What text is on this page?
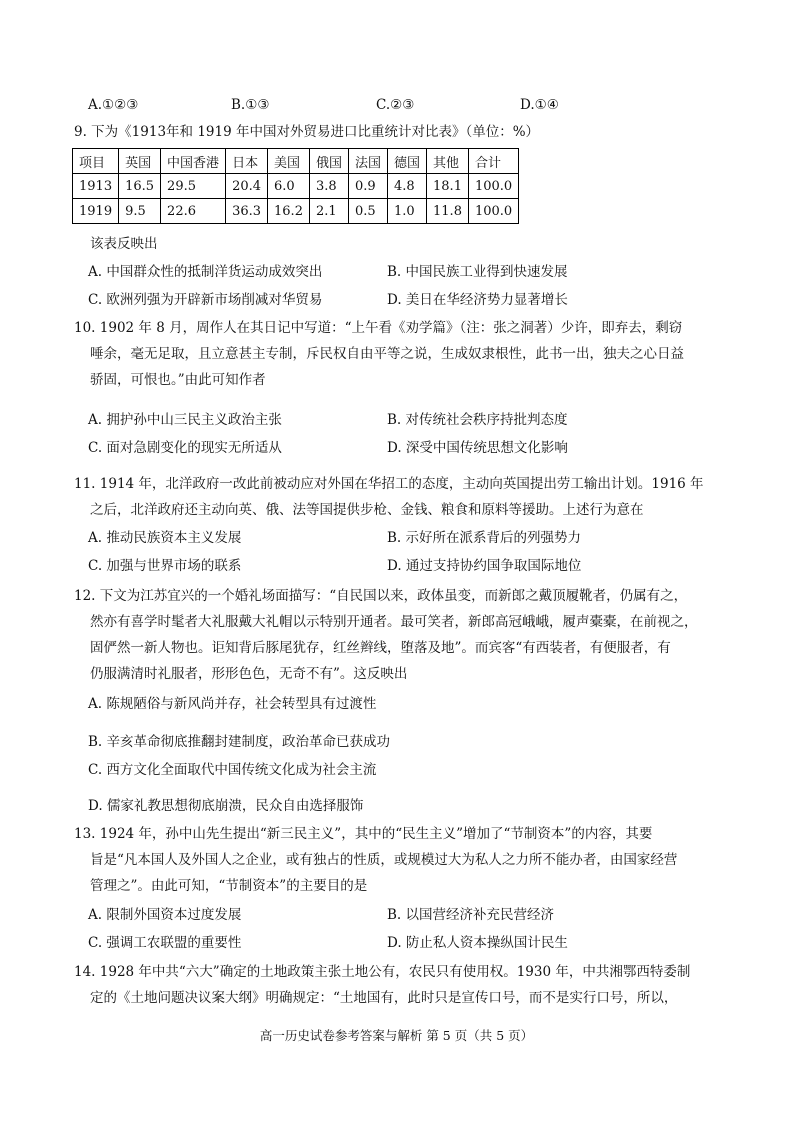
A.①②③	B.①③	C.②③	D.①④
9. 下为《1913年和 1919 年中国对外贸易进口比重统计对比表》（单位：%）
项目	英国	中国香港	日本	美国	俄国	法国	德国	其他	合计
1913	16.5	29.5	20.4	6.0	3.8	0.9	4.8	18.1	100.0
1919	9.5	22.6	36.3	16.2	2.1	0.5	1.0	11.8	100.0
该表反映出
A. 中国群众性的抵制洋货运动成效突出	B. 中国民族工业得到快速发展
C. 欧洲列强为开辟新市场削减对华贸易	D. 美日在华经济势力显著增长
10. 1902 年 8 月，周作人在其日记中写道：“上午看《劝学篇》（注：张之洞著）少许，即弃去，剩窃
唾余，毫无足取，且立意甚主专制，斥民权自由平等之说，生成奴隶根性，此书一出，独夫之心日益
骄固，可恨也。”由此可知作者
A. 拥护孙中山三民主义政治主张	B. 对传统社会秩序持批判态度
C. 面对急剧变化的现实无所适从	D. 深受中国传统思想文化影响
11. 1914 年，北洋政府一改此前被动应对外国在华招工的态度，主动向英国提出劳工输出计划。1916 年
之后，北洋政府还主动向英、俄、法等国提供步枪、金钱、粮食和原料等援助。上述行为意在
A. 推动民族资本主义发展	B. 示好所在派系背后的列强势力
C. 加强与世界市场的联系	D. 通过支持协约国争取国际地位
12. 下文为江苏宜兴的一个婚礼场面描写：“自民国以来，政体虽变，而新郎之戴顶履靴者，仍属有之，
然亦有喜学时髦者大礼服戴大礼帽以示特别开通者。最可笑者，新郎高冠峨峨，履声橐橐，在前视之，
固俨然一新人物也。讵知背后豚尾犹存，红丝辫线，堕落及地”。而宾客“有西装者，有便服者，有
仍服满清时礼服者，形形色色，无奇不有”。这反映出
A. 陈规陋俗与新风尚并存，社会转型具有过渡性
B. 辛亥革命彻底推翻封建制度，政治革命已获成功
C. 西方文化全面取代中国传统文化成为社会主流
D. 儒家礼教思想彻底崩溃，民众自由选择服饰
13. 1924 年，孙中山先生提出“新三民主义”，其中的“民生主义”增加了“节制资本”的内容，其要
旨是“凡本国人及外国人之企业，或有独占的性质，或规模过大为私人之力所不能办者，由国家经营
管理之”。由此可知，“节制资本”的主要目的是
A. 限制外国资本过度发展	B. 以国营经济补充民营经济
C. 强调工农联盟的重要性	D. 防止私人资本操纵国计民生
14. 1928 年中共“六大”确定的土地政策主张土地公有，农民只有使用权。1930 年，中共湘鄂西特委制
定的《土地问题决议案大纲》明确规定：“土地国有，此时只是宣传口号，而不是实行口号，所以，
高一历史试卷参考答案与解析 第 5 页（共 5 页）
